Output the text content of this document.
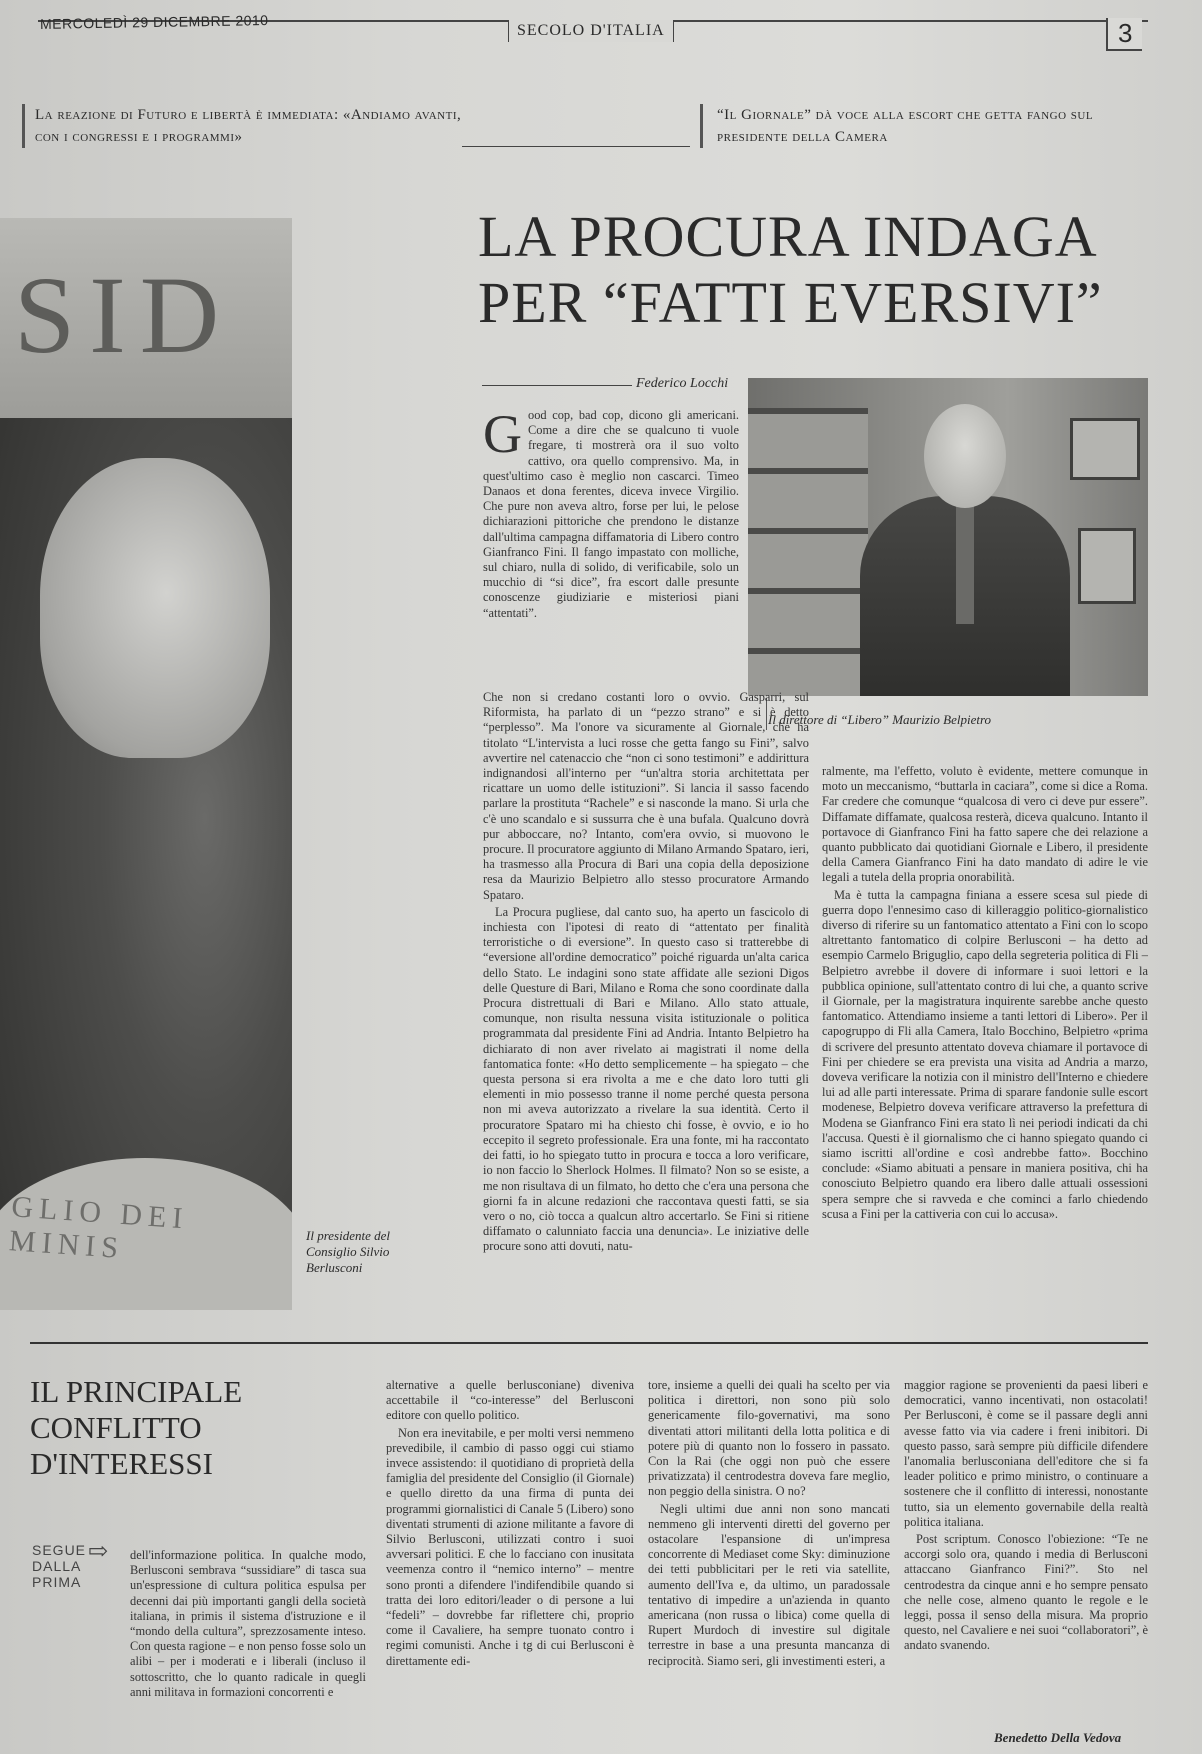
MERCOLEDÌ 29 DICEMBRE 2010	SECOLO D'ITALIA	3
La reazione di Futuro e libertà è immediata: «Andiamo avanti, con i congressi e i programmi»
“Il Giornale” dà voce alla escort che getta fango sul presidente della Camera
SID
GLIO DEI MINIS	Il presidente del Consiglio Silvio Berlusconi
LA PROCURA INDAGA PER “FATTI EVERSIVI”
Federico Locchi
Il direttore di “Libero” Maurizio Belpietro

Good cop, bad cop, dicono gli americani. Come a dire che se qualcuno ti vuole fregare, ti mostrerà ora il suo volto cattivo, ora quello comprensivo. Ma, in quest'ultimo caso è meglio non cascarci. Timeo Danaos et dona ferentes, diceva invece Virgilio. Che pure non aveva altro, forse per lui, le pelose dichiarazioni pittoriche che prendono le distanze dall'ultima campagna diffamatoria di Libero contro Gianfranco Fini. Il fango impastato con molliche, sul chiaro, nulla di solido, di verificabile, solo un mucchio di “si dice”, fra escort dalle presunte conoscenze giudiziarie e misteriosi piani “attentati”.

Che non si credano costanti loro o ovvio. Gasparri, sul Riformista, ha parlato di un “pezzo strano” e si è detto “perplesso”. Ma l'onore va sicuramente al Giornale, che ha titolato “L'intervista a luci rosse che getta fango su Fini”, salvo avvertire nel catenaccio che “non ci sono testimoni” e addirittura indignandosi all'interno per “un'altra storia architettata per ricattare un uomo delle istituzioni”. Si lancia il sasso facendo parlare la prostituta “Rachele” e si nasconde la mano. Si urla che c'è uno scandalo e si sussurra che è una bufala. Qualcuno dovrà pur abboccare, no? Intanto, com'era ovvio, si muovono le procure. Il procuratore aggiunto di Milano Armando Spataro, ieri, ha trasmesso alla Procura di Bari una copia della deposizione resa da Maurizio Belpietro allo stesso procuratore Armando Spataro.

La Procura pugliese, dal canto suo, ha aperto un fascicolo di inchiesta con l'ipotesi di reato di “attentato per finalità terroristiche o di eversione”. In questo caso si tratterebbe di “eversione all'ordine democratico” poiché riguarda un'alta carica dello Stato. Le indagini sono state affidate alle sezioni Digos delle Questure di Bari, Milano e Roma che sono coordinate dalla Procura distrettuali di Bari e Milano. Allo stato attuale, comunque, non risulta nessuna visita istituzionale o politica programmata dal presidente Fini ad Andria. Intanto Belpietro ha dichiarato di non aver rivelato ai magistrati il nome della fantomatica fonte: «Ho detto semplicemente – ha spiegato – che questa persona si era rivolta a me e che dato loro tutti gli elementi in mio possesso tranne il nome perché questa persona non mi aveva autorizzato a rivelare la sua identità. Certo il procuratore Spataro mi ha chiesto chi fosse, è ovvio, e io ho eccepito il segreto professionale. Era una fonte, mi ha raccontato dei fatti, io ho spiegato tutto in procura e tocca a loro verificare, io non faccio lo Sherlock Holmes. Il filmato? Non so se esiste, a me non risultava di un filmato, ho detto che c'era una persona che giorni fa in alcune redazioni che raccontava questi fatti, se sia vero o no, ciò tocca a qualcun altro accertarlo. Se Fini si ritiene diffamato o calunniato faccia una denuncia». Le iniziative delle procure sono atti dovuti, natu-

ralmente, ma l'effetto, voluto è evidente, mettere comunque in moto un meccanismo, “buttarla in caciara”, come si dice a Roma. Far credere che comunque “qualcosa di vero ci deve pur essere”. Diffamate diffamate, qualcosa resterà, diceva qualcuno. Intanto il portavoce di Gianfranco Fini ha fatto sapere che dei relazione a quanto pubblicato dai quotidiani Giornale e Libero, il presidente della Camera Gianfranco Fini ha dato mandato di adire le vie legali a tutela della propria onorabilità.

Ma è tutta la campagna finiana a essere scesa sul piede di guerra dopo l'ennesimo caso di killeraggio politico-giornalistico diverso di riferire su un fantomatico attentato a Fini con lo scopo altrettanto fantomatico di colpire Berlusconi – ha detto ad esempio Carmelo Briguglio, capo della segreteria politica di Fli – Belpietro avrebbe il dovere di informare i suoi lettori e la pubblica opinione, sull'attentato contro di lui che, a quanto scrive il Giornale, per la magistratura inquirente sarebbe anche questo fantomatico. Attendiamo insieme a tanti lettori di Libero». Per il capogruppo di Fli alla Camera, Italo Bocchino, Belpietro «prima di scrivere del presunto attentato doveva chiamare il portavoce di Fini per chiedere se era prevista una visita ad Andria a marzo, doveva verificare la notizia con il ministro dell'Interno e chiedere lui ad alle parti interessate. Prima di sparare fandonie sulle escort modenese, Belpietro doveva verificare attraverso la prefettura di Modena se Gianfranco Fini era stato lì nei periodi indicati da chi l'accusa. Questi è il giornalismo che ci hanno spiegato quando ci siamo iscritti all'ordine e così andrebbe fatto». Bocchino conclude: «Siamo abituati a pensare in maniera positiva, chi ha conosciuto Belpietro quando era libero dalle attuali ossessioni spera sempre che si ravveda e che cominci a farlo chiedendo scusa a Fini per la cattiveria con cui lo accusa».

IL PRINCIPALE CONFLITTO D'INTERESSI
SEGUE DALLA PRIMA
⇨ dell'informazione politica. In qualche modo, Berlusconi sembrava “sussidiare” di tasca sua un'espressione di cultura politica espulsa per decenni dai più importanti gangli della società italiana, in primis il sistema d'istruzione e il “mondo della cultura”, sprezzosamente inteso. Con questa ragione – e non penso fosse solo un alibi – per i moderati e i liberali (incluso il sottoscritto, che lo quanto radicale in quegli anni militava in formazioni concorrenti e

alternative a quelle berlusconiane) diveniva accettabile il “co-interesse” del Berlusconi editore con quello politico.

Non era inevitabile, e per molti versi nemmeno prevedibile, il cambio di passo oggi cui stiamo invece assistendo: il quotidiano di proprietà della famiglia del presidente del Consiglio (il Giornale) e quello diretto da una firma di punta dei programmi giornalistici di Canale 5 (Libero) sono diventati strumenti di azione militante a favore di Silvio Berlusconi, utilizzati contro i suoi avversari politici. E che lo facciano con inusitata veemenza contro il “nemico interno” – mentre sono pronti a difendere l'indifendibile quando si tratta dei loro editori/leader o di persone a lui “fedeli” – dovrebbe far riflettere chi, proprio come il Cavaliere, ha sempre tuonato contro i regimi comunisti. Anche i tg di cui Berlusconi è direttamente edi-

tore, insieme a quelli dei quali ha scelto per via politica i direttori, non sono più solo genericamente filo-governativi, ma sono diventati attori militanti della lotta politica e di potere più di quanto non lo fossero in passato. Con la Rai (che oggi non può che essere privatizzata) il centrodestra doveva fare meglio, non peggio della sinistra. O no?

Negli ultimi due anni non sono mancati nemmeno gli interventi diretti del governo per ostacolare l'espansione di un'impresa concorrente di Mediaset come Sky: diminuzione dei tetti pubblicitari per le reti via satellite, aumento dell'Iva e, da ultimo, un paradossale tentativo di impedire a un'azienda in quanto americana (non russa o libica) come quella di Rupert Murdoch di investire sul digitale terrestre in base a una presunta mancanza di reciprocità. Siamo seri, gli investimenti esteri, a

maggior ragione se provenienti da paesi liberi e democratici, vanno incentivati, non ostacolati! Per Berlusconi, è come se il passare degli anni avesse fatto via via cadere i freni inibitori. Di questo passo, sarà sempre più difficile difendere l'anomalia berlusconiana dell'editore che si fa leader politico e primo ministro, o continuare a sostenere che il conflitto di interessi, nonostante tutto, sia un elemento governabile della realtà politica italiana.

Post scriptum. Conosco l'obiezione: “Te ne accorgi solo ora, quando i media di Berlusconi attaccano Gianfranco Fini?”. Sto nel centrodestra da cinque anni e ho sempre pensato che nelle cose, almeno quanto le regole e le leggi, possa il senso della misura. Ma proprio questo, nel Cavaliere e nei suoi “collaboratori”, è andato svanendo.

Benedetto Della Vedova
